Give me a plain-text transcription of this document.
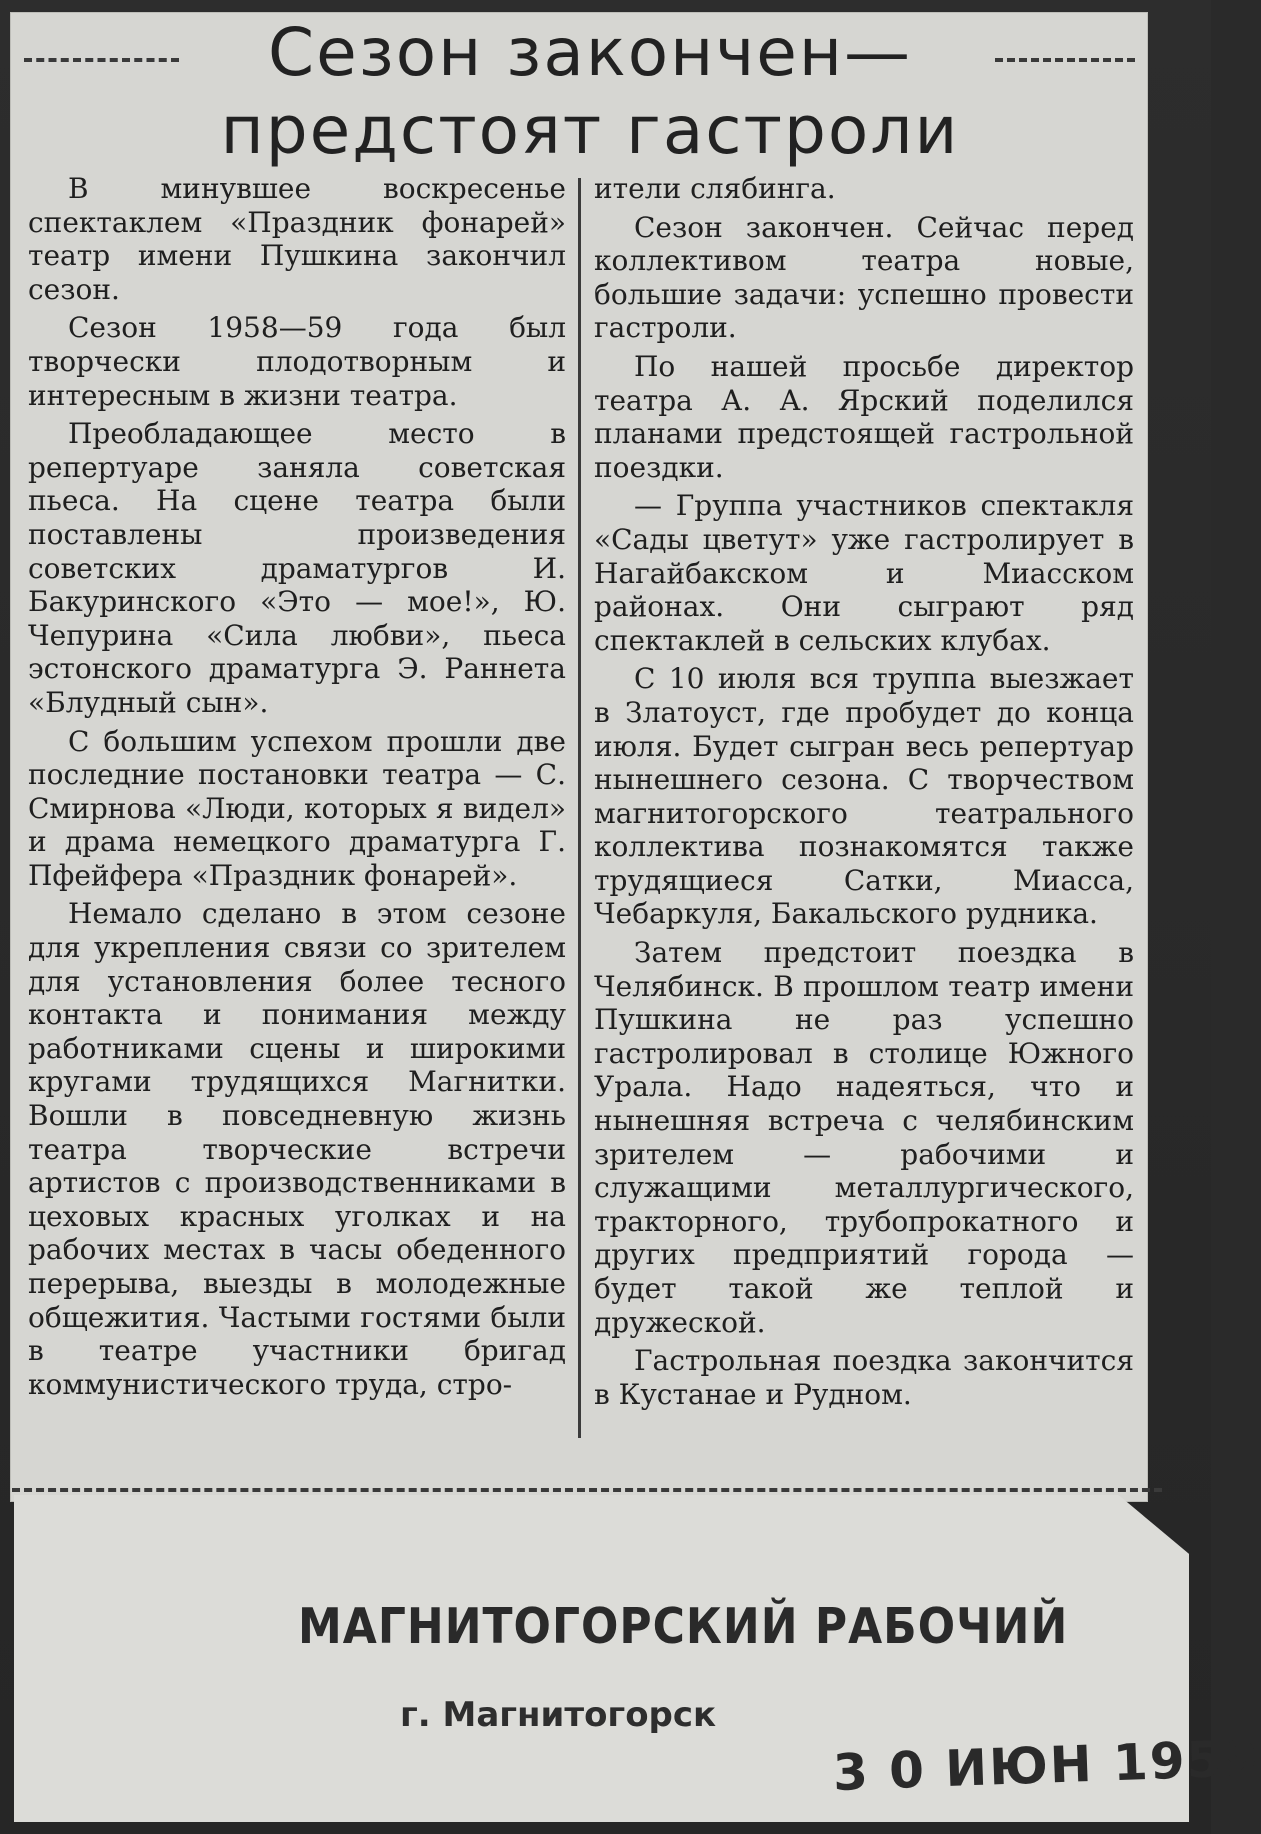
Сезон закончен—
предстоят гастроли

В минувшее воскресенье спектаклем «Праздник фонарей» театр имени Пушкина закончил сезон.

Сезон 1958—59 года был творчески плодотворным и интересным в жизни театра.

Преобладающее место в репертуаре заняла советская пьеса. На сцене театра были поставлены произведения советских драматургов И. Бакуринского «Это — мое!», Ю. Чепурина «Сила любви», пьеса эстонского драматурга Э. Раннета «Блудный сын».

С большим успехом прошли две последние постановки театра — С. Смирнова «Люди, которых я видел» и драма немецкого драматурга Г. Пфейфера «Праздник фонарей».

Немало сделано в этом сезоне для укрепления связи со зрителем для установления более тесного контакта и понимания между работниками сцены и широкими кругами трудящихся Магнитки. Вошли в повседневную жизнь театра творческие встречи артистов с производственниками в цеховых красных уголках и на рабочих местах в часы обеденного перерыва, выезды в молодежные общежития. Частыми гостями были в театре участники бригад коммунистического труда, стро-

ители слябинга.

Сезон закончен. Сейчас перед коллективом театра новые, большие задачи: успешно провести гастроли.

По нашей просьбе директор театра А. А. Ярский поделился планами предстоящей гастрольной поездки.

— Группа участников спектакля «Сады цветут» уже гастролирует в Нагайбакском и Миасском районах. Они сыграют ряд спектаклей в сельских клубах.

С 10 июля вся труппа выезжает в Златоуст, где пробудет до конца июля. Будет сыгран весь репертуар нынешнего сезона. С творчеством магнитогорского театрального коллектива познакомятся также трудящиеся Сатки, Миасса, Чебаркуля, Бакальского рудника.

Затем предстоит поездка в Челябинск. В прошлом театр имени Пушкина не раз успешно гастролировал в столице Южного Урала. Надо надеяться, что и нынешняя встреча с челябинским зрителем — рабочими и служащими металлургического, тракторного, трубопрокатного и других предприятий города — будет такой же теплой и дружеской.

Гастрольная поездка закончится в Кустанае и Рудном.

МАГНИТОГОРСКИЙ РАБОЧИЙ
г. Магнитогорск
3 0 ИЮН 1959
